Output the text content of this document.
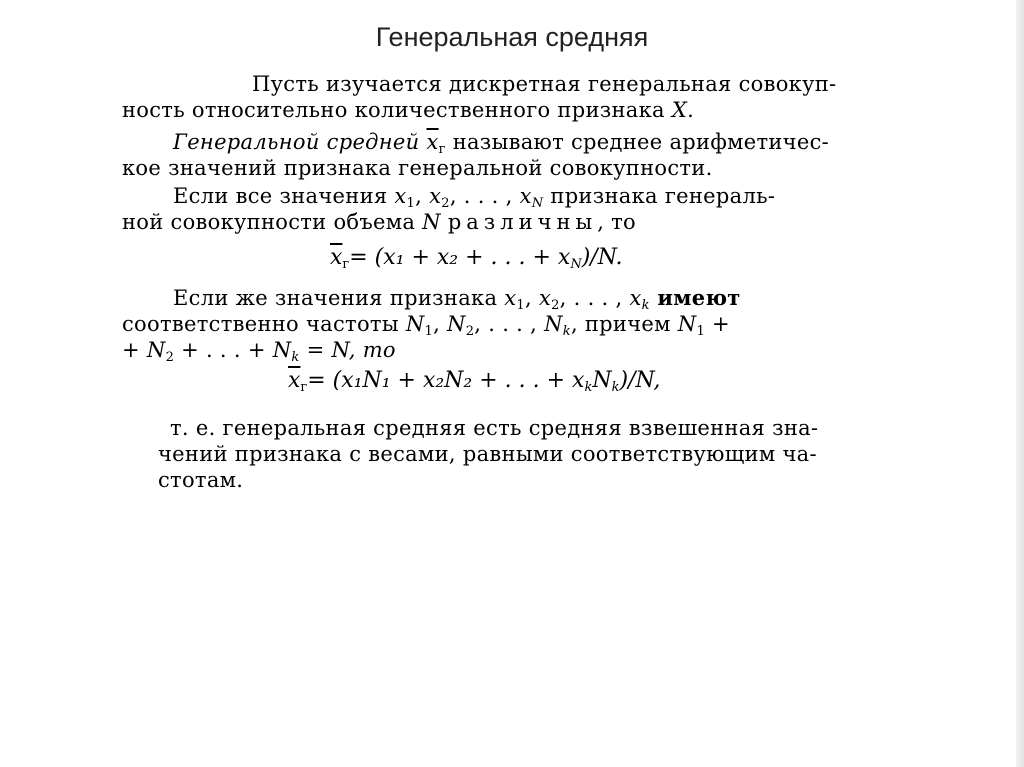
Генеральная средняя
Пусть изучается дискретная генеральная совокуп-
ность относительно количественного признака X.
Генеральной средней $\overline{x}_г$ называют среднее арифметичес-
кое значений признака генеральной совокупности.
Если все значения $x_1$, $x_2$, . . . , $x_N$ признака генераль-
ной совокупности объема N различны, то
$\overline{x}_г= (x_1 + x_2$ + . . . + $x_N)/N$.
Если же значения признака $x_1$, $x_2$, . . . , $x_k$ имеют
соответственно частоты $N_1$, $N_2$, . . . , $N_k$, причем $N_1$ +
+ $N_2$ + . . . + $N_k = N$, то
$\overline{x}_г= (x_1N_1 + x_2N_2$ + . . . + $x_kN_k)/N$,
т. е. генеральная средняя есть средняя взвешенная зна-
чений признака с весами, равными соответствующим ча-
стотам.
